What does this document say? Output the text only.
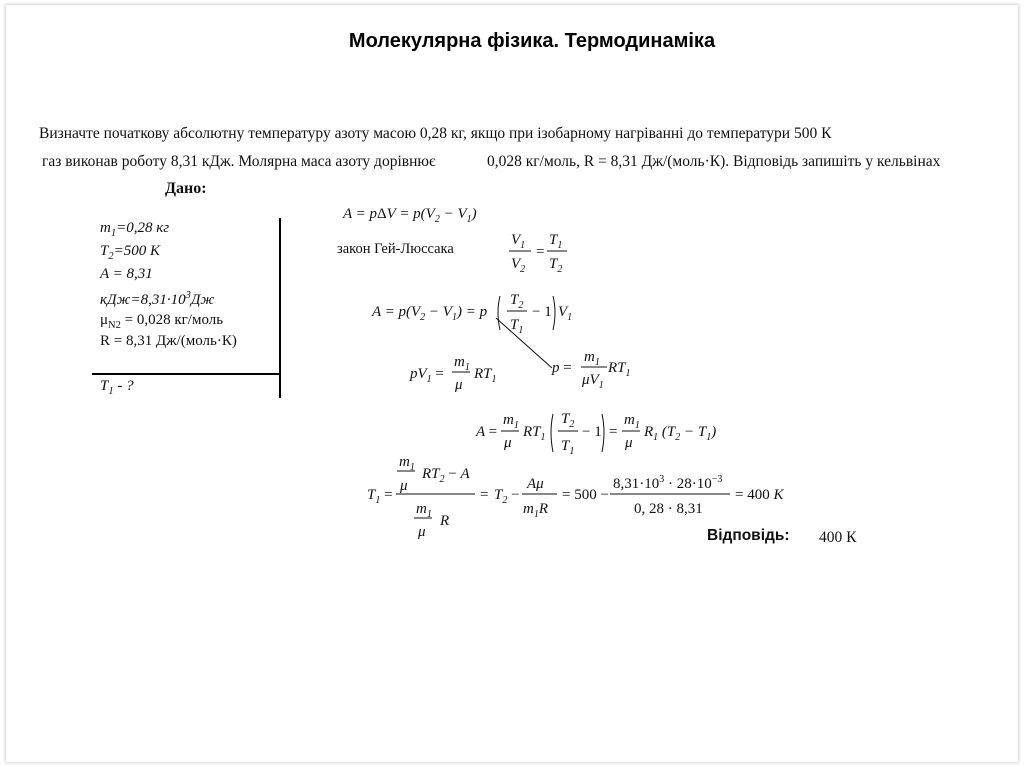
Молекулярна фізика. Термодинаміка
Визначте початкову абсолютну температуру азоту масою 0,28 кг, якщо при ізобарному нагріванні до температури 500 К
газ виконав роботу 8,31 кДж. Молярна маса азоту дорівнює	0,028 кг/моль, R = 8,31 Дж/(моль·К). Відповідь запишіть у кельвінах
Дано:
$m_1=0,28$ кг
$T_2=500$ К
A = 8,31
$кДж=8,31\cdot 10^3Дж$
$\mu_{N2} = 0,028$ кг/моль
R = 8,31 Дж/(моль·К)
$T_1$ - ?
$A = p\Delta V = p(V_2 - V_1)$
закон Гей-Люссака
$V_1$
$V_2$
=
$T_1$
$T_2$
$A = p(V_2 - V_1) = p$
$T_2$
$T_1$
− 1 $V_1$
$pV_1$ =
$m_1$
μ
$RT_1$
p =
$m_1$
$\mu V_1$
$RT_1$
A =
$m_1$
μ
$RT_1$
$T_2$
$T_1$
− 1 =
$m_1$
μ
$R_1$ $(T_2 - T_1)$
$T_1$ =
$m_1$
μ
$RT_2 - A$
$m_1$
μ
R
= $T_2$ −
Aμ
$m_1R$
= 500 −
$8,31\cdot 10^3 \cdot 28\cdot 10^{-3}$
0, 28 · 8,31
= 400 K
Відповідь: 400 К
